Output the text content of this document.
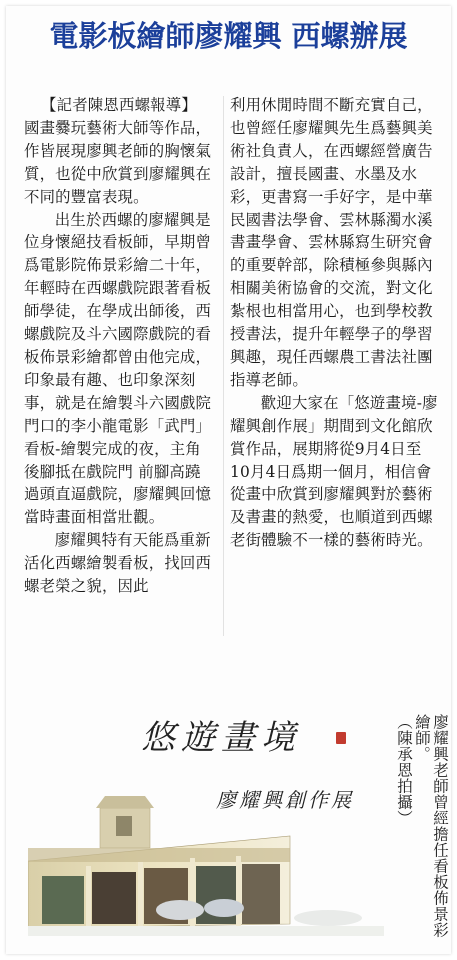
電影板繪師廖耀興 西螺辦展

【記者陳恩西螺報導】

國畫爨玩藝術大師等作品，作皆展現廖興老師的胸懷氣質，也從中欣賞到廖耀興在不同的豐富表現。

出生於西螺的廖耀興是位身懷絕技看板師，早期曾爲電影院佈景彩繪二十年，年輕時在西螺戲院跟著看板師學徒，在學成出師後，西螺戲院及斗六國際戲院的看板佈景彩繪都曾由他完成，印象最有趣、也印象深刻事，就是在繪製斗六國戲院門口的李小龍電影「武門」看板-繪製完成的夜，主角後腳抵在戲院門 前腳高蹺過頭直逼戲院，廖耀興回憶當時畫面相當壯觀。

廖耀興特有天能爲重新活化西螺繪製看板，找回西螺老榮之貌，因此

利用休閒時間不斷充實自己，也曾經任廖耀興先生爲藝興美術社負責人，在西螺經營廣告設計，擅長國畫、水墨及水彩，更書寫一手好字，是中華民國書法學會、雲林縣濁水溪書畫學會、雲林縣寫生研究會的重要幹部，除積極參與縣內相關美術協會的交流，對文化紮根也相當用心，也到學校教授書法，提升年輕學子的學習興趣，現任西螺農工書法社團指導老師。

歡迎大家在「悠遊畫境-廖耀興創作展」期間到文化館欣賞作品，展期將從9月4日至10月4日爲期一個月，相信會從畫中欣賞到廖耀興對於藝術及書畫的熱愛，也順道到西螺老街體驗不一樣的藝術時光。

悠遊畫境
廖耀興創作展	廖耀興老師曾經擔任看板佈景彩繪師。
（陳承恩拍攝）
